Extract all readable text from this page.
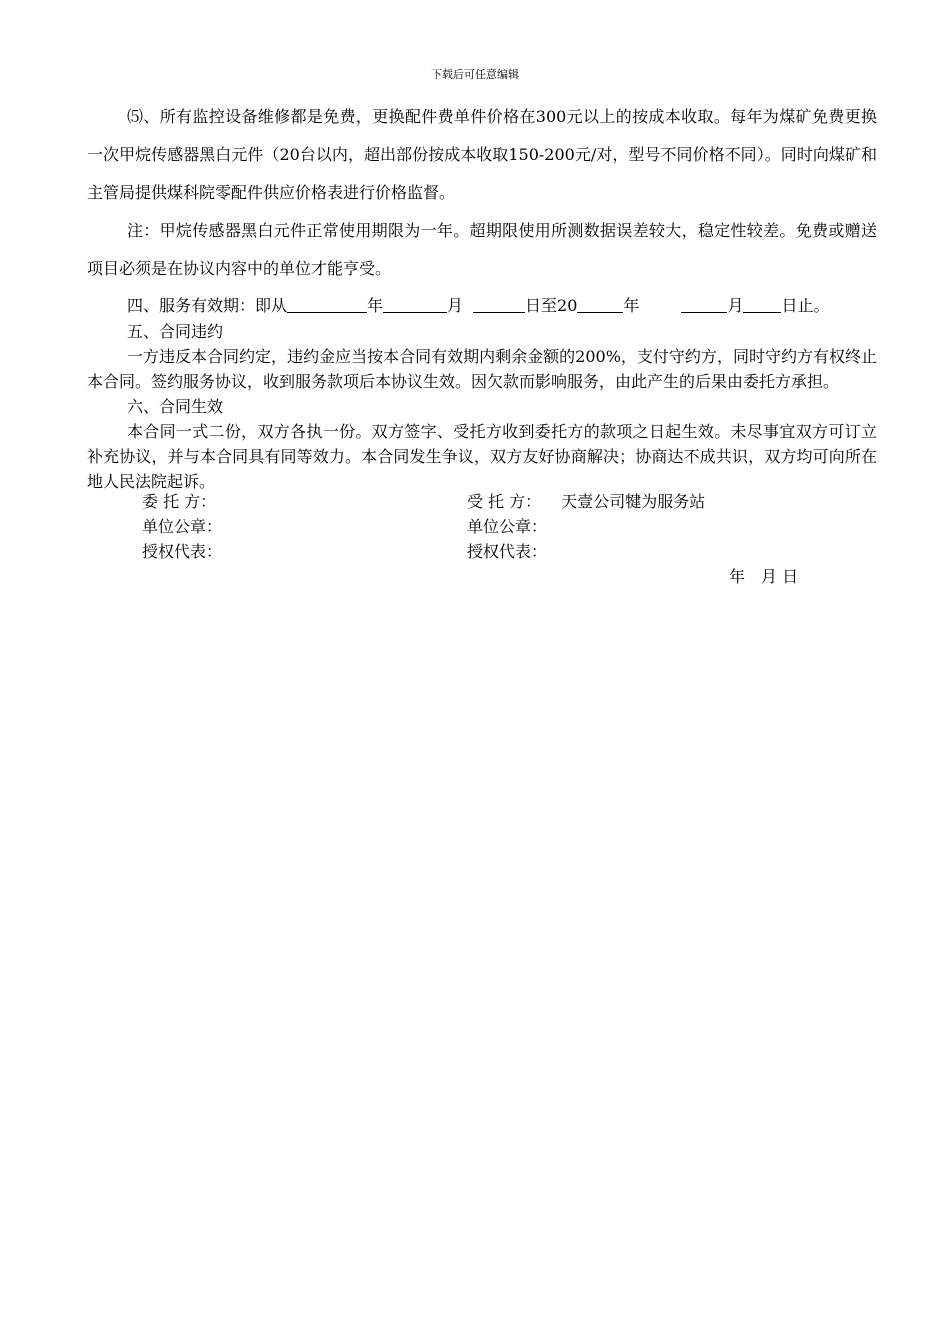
下载后可任意编辑

⑸、所有监控设备维修都是免费，更换配件费单件价格在300元以上的按成本收取。每年为煤矿免费更换一次甲烷传感器黑白元件（20台以内，超出部份按成本收取150-200元/对，型号不同价格不同）。同时向煤矿和主管局提供煤科院零配件供应价格表进行价格监督。

注：甲烷传感器黑白元件正常使用期限为一年。超期限使用所测数据误差较大，稳定性较差。免费或赠送项目必须是在协议内容中的单位才能亨受。

四、服务有效期：即从	年	月	日至20	年	月 日止。

五、合同违约

一方违反本合同约定，违约金应当按本合同有效期内剩余金额的200%，支付守约方，同时守约方有权终止本合同。签约服务协议，收到服务款项后本协议生效。因欠款而影响服务，由此产生的后果由委托方承担。

六、合同生效

本合同一式二份，双方各执一份。双方签字、受托方收到委托方的款项之日起生效。未尽事宜双方可订立补充协议，并与本合同具有同等效力。本合同发生争议，双方友好协商解决；协商达不成共识，双方均可向所在地人民法院起诉。

委 托 方：	受 托 方： 天壹公司犍为服务站
单位公章：	单位公章：
授权代表：	授权代表：
年　月 日
